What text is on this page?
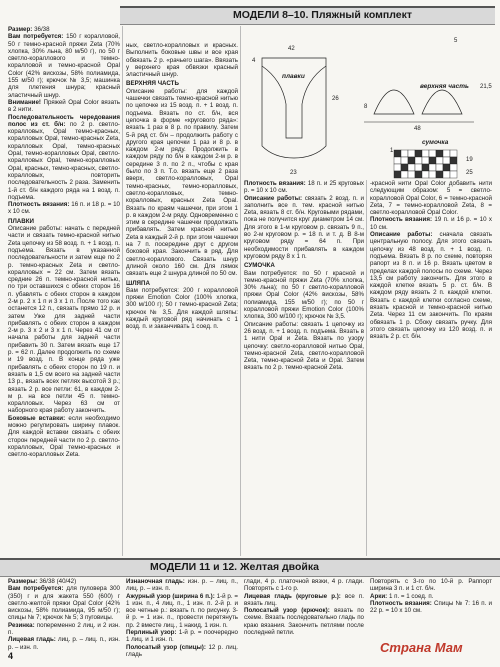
МОДЕЛИ 8–10. Пляжный комплект

Размер: 36/38

Вам потребуется: 150 г коралловой, 50 г темно-красной пряжи Zeta (70% хлопка, 30% льна, 80 м/50 г), по 50 г светло-кораллового и темно-коралловой и темно-красной Opal Color (42% вискозы, 58% полиамида, 155 м/50 г); крючок № 3,5; машинка для плетения шнура; красный эластичный шнур.

Внимание! Пряжей Opal Color вязать в 2 нити.

Последовательность чередования полос из ст. б/н: по 2 р. светло-коралловых, Opal темно-красных, коралловых Opal, темно-красных Zeta, коралловых Opal, темно-красных Opal, темно-коралловых Opal, светло-коралловых Opal, темно-коралловых Opal, красных, темно-красных, светло-коралловых, повторить последовательность 2 раза. Заменить 1-й ст. б/н каждого ряда на 1 возд. п. подъема.

Плотность вязания: 16 п. и 18 р. = 10 х 10 см.

ПЛАВКИ

Описание работы: начать с передней части и связать темно-красной нитью Zeta цепочку из 58 возд. п. + 1 возд. п. подъема. Вязать в указанной последовательности и затем еще по 2 р. темно-красных Zeta и светло-коралловых = 22 см. Затем вязать средние 26 п. темно-красной нитью, по три оставшихся с обеих сторон 16 п. убавлять с обеих сторон в каждом 2-м р. 2 х 1 п и 3 х 1 п. После того как останется 12 п., связать прямо 12 р. и затем Уже для задней части прибавлять с обеих сторон в каждом 2-м р. 3 х 2 и 3 х 1 п. Через 41 см от начала работы для задней части прибавить 30 п. Затем вязать еще 17 р. = 62 п. Далее продолжить по схеме и 19 возд. п. В конце ряда уже прибавлять с обеих сторон по 19 п. и вязать в 1,5 см всего на задней части 13 р., вязать всех петлях высотой 3 р.; вязать 2 р. все петли: 61, в каждом 2-м р. на все петли 45 п. темно-коралловых. Через 63 см от наборного края работу закончить.

Боковые вставки: если необходимо можно регулировать ширину плавок. Для каждой вставки связать с обеих сторон передней части по 2 р. светло-коралловых, Opal темно-красных и светло-коралловых Zeta.

ных, светло-коралловых и красных. Выполнить боковые швы и все края обвязать 2 р. «рачьего шага». Ввязать у верхнего края обвязки красный эластичный шнур.

ВЕРХНЯЯ ЧАСТЬ

Описание работы: для каждой чашечки связать темно-красной нитью по цепочке из 15 возд. п. + 1 возд. п. подъема. Вязать по ст. б/н, вся цепочка в форме «кругового ряда»: вязать 1 раз в 8 р. по правилу. Затем 5-й ряд ст. б/н – продолжить работу с другого края цепочки 1 раз и 8 р. в каждом 2-м ряду. Продолжить в каждом ряду по б/н в каждом 2-м р. в середине 3 п. по 2 п., чтобы с края было по 3 п. Т.о. вязать еще 2 раза вверх, светло-коралловых, Opal темно-красных, темно-коралловых, светло-коралловых, темно-коралловых, красных Zeta Opal. Вязать по краям чашечки, при этом 1 р. в каждом 2-м ряду. Одновременно с этим в середине чашечки продолжать прибавлять. Затем красной нитью Zeta в каждый 2-й р. при этом чашечки на 7 п. посередине друг с другом боковой края. Закончить в ряд. Для светло-кораллового. Связать шнур длиной около 160 см. Для лямок связать еще 2 шнура длиной по 50 см.

ШЛЯПА

Вам потребуется: 200 г коралловой пряжи Emotion Color (100% хлопка, 300 м/100 г); 50 г темно-красной Zeta; крючок № 3,5. Для каждой шляпы: каждый круговой ряд начинать с 1 возд. п. и заканчивать 1 соед. п.

42
плавки
4
26
23
верхняя часть
5
21,5
8
48
сумочка
19
25
1

Плотность вязания: 18 п. и 25 круговых р. = 10 х 10 см.

Описание работы: связать 2 возд. п. и заполнить все п. тем. красной нитью Zeta, вязать 8 ст. б/н. Круговыми рядами, пока не получится круг диаметром 14 см. Для этого в 1-м круговом р. связать 9 п., во 2-м круговом р. = 18 п. и т. д. В 8-м круговом ряду = 64 п. При необходимости прибавлять в каждом круговом ряду 8 х 1 п.

СУМОЧКА

Вам потребуется: по 50 г красной и темно-красной пряжи Zeta (70% хлопка, 30% льна); по 50 г светло-коралловой пряжи Opal Color (42% вискозы, 58% полиамида, 155 м/50 г); по 50 г коралловой пряжи Emotion Color (100% хлопка, 300 м/100 г); крючок № 3,5.

Описание работы: связать 1 цепочку из 26 возд. п. + 1 возд. п. подъема. Вязать в 1 нити Opal и Zeta. Вязать по узору цепочку: светло-коралловой нитью Opal, темно-красной Zeta, светло-коралловой Zeta, темно-красной Zeta и Opal. Затем вязать по 2 р. темно-красной Zeta.

-красной нити Opal Color добавить нити следующим образом: 5 = светло-коралловой Opal Color, 6 = темно-красной Zeta, 7 = темно-коралловой Zeta, 8 = светло-коралловой Opal Color.

Плотность вязания: 19 п. и 16 р. = 10 х 10 см.

Описание работы: сначала связать центральную полосу. Для этого связать цепочку из 48 возд. п. + 1 возд. п. подъема. Вязать 8 р. по схеме, повторяя рапорт из 8 п. и 16 р. Вязать цветом в пределах каждой полосы по схеме. Через 13,5 см работу закончить. Для этого в каждой клетке вязать 5 р. ст. б/н. В каждом ряду вязать 2 п. каждой клетки. Вязать с каждой клетки согласно схеме, вязать красной и темно-красной нитью Zeta. Через 11 см закончить. По краям обвязать 1 р. Сбоку связать ручку. Для этого связать цепочку из 120 возд. п. и вязать 2 р. ст. б/н.

МОДЕЛИ 11 и 12. Желтая двойка

Размеры: 36/38 (40/42)

Вам потребуется: для пуловера 300 (350) г и для жакета 550 (600) г светло-желтой пряжи Opal Color (42% вискозы, 58% полиамида, 95 м/50 г); спицы № 7; крючок № 5; 3 пуговицы.

Резинка: попеременно 2 лиц. и 2 изн. п.

Лицевая гладь: лиц. р. – лиц. п., изн. р. – изн. п.

Изнаночная гладь: изн. р. – лиц. п., лиц. р. – изн. п.

Ажурный узор (ширина 6 п.): 1-й р. = 1 изн. п., 4 лиц. п., 1 изн. п. 2-й р. и все четные р.: вязать п. по рисунку. 3-й р. = 1 изн. п., провести перетянуть пр. 2 вместе лиц., 1 накид, 1 изн. п.

Перлиный узор: 1-й р. = поочередно 1 лиц. и 1 изн. п.

Полосатый узор (спицы): 12 р. лиц. гладь

глади, 4 р. платочной вязки, 4 р. глади. Повторять с 1-го р.

Лицевая гладь (круговые р.): все п. вязать лиц.

Полосатый узор (крючок): вязать по схеме. Вязать последовательно гладь по краю вязания. Закончить петлями после последней петли.

Повторять с 3-го по 10-й р. Раппорт ширина 3 п. и 1 ст. б/н.

Арки: 1 п. = 1 соед. п.

Плотность вязания: Спицы № 7: 16 п. и 22 р. = 10 х 10 см.

4
Страна Мам
